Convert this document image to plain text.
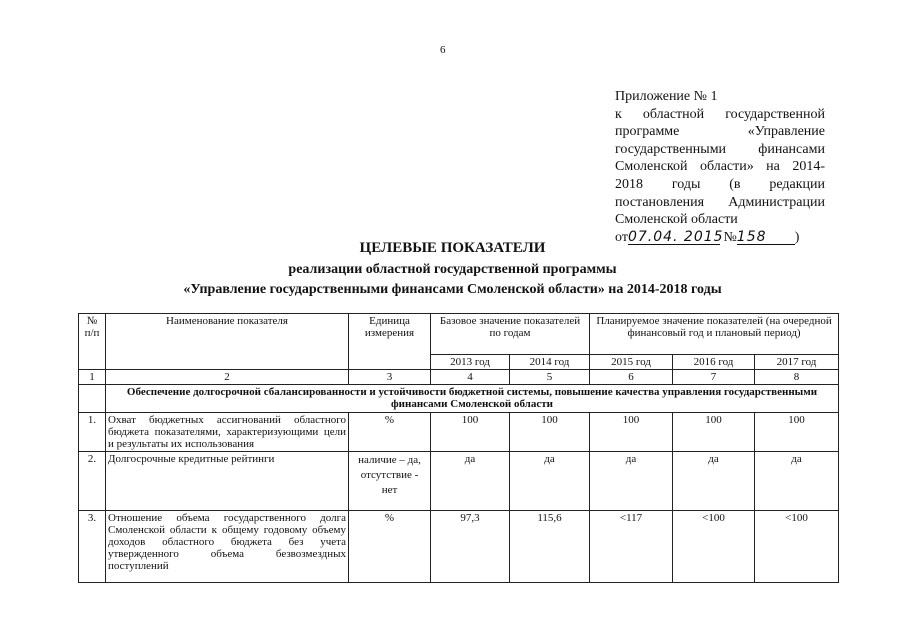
6
Приложение № 1
к областной государственной
программе «Управление
государственными финансами
Смоленской области» на 2014-
2018 годы (в редакции
постановления Администрации
Смоленской области
от07.04. 2015 №158 )
ЦЕЛЕВЫЕ ПОКАЗАТЕЛИ
реализации областной государственной программы
«Управление государственными финансами Смоленской области» на 2014-2018 годы
№ п/п	Наименование показателя	Единица измерения	Базовое значение показателей по годам		Планируемое значение показателей (на очередной финансовый год и плановый период)		
			2013 год	2014 год	2015 год	2016 год	2017 год
1	2	3	4	5	6	7	8
	Обеспечение долгосрочной сбалансированности и устойчивости бюджетной системы, повышение качества управления государственными финансами Смоленской области						
1.	Охват бюджетных ассигнований областного бюджета показателями, характеризующими цели и результаты их использования	%	100	100	100	100	100
2.	Долгосрочные кредитные рейтинги	наличие – да, отсутствие - нет	да	да	да	да	да
3.	Отношение объема государственного долга Смоленской области к общему годовому объему доходов областного бюджета без учета утвержденного объема безвозмездных поступлений	%	97,3	115,6	<117	<100	<100
